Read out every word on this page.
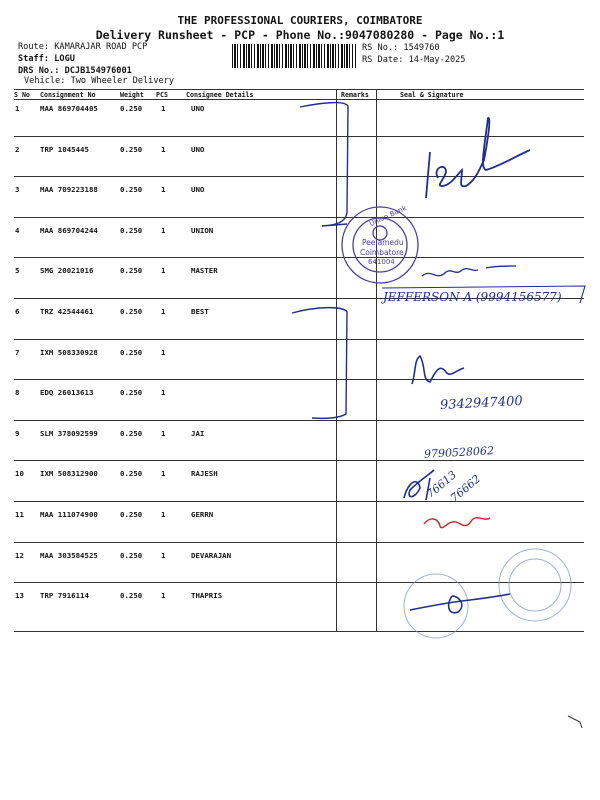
THE PROFESSIONAL COURIERS, COIMBATORE
Delivery Runsheet - PCP - Phone No.:9047080280 - Page No.:1
Route: KAMARAJAR ROAD PCP
Staff: LOGU
DRS No.: DCJB154976001
Vehicle: Two Wheeler Delivery
RS No.: 1549760
RS Date: 14-May-2025
S No Consignment No	Weight PCS	Consignee Details	Remarks	Seal & Signature
1	MAA 869704405	0.250	1	UNO
2	TRP 1045445	0.250	1	UNO
3	MAA 709223188	0.250	1	UNO
4	MAA 869704244	0.250	1	UNION
5	SMG 20021016	0.250	1	MASTER
6	TRZ 42544461	0.250	1	BEST
7	IXM 508330928	0.250	1
8	EDQ 26013613	0.250	1
9	SLM 378092599	0.250	1	JAI
10 IXM 508312900	0.250	1	RAJESH
11 MAA 111074900	0.250	1	GERRN
12 MAA 303584525	0.250	1	DEVARAJAN
13 TRP 7916114	0.250	1	THAPRIS
Peelamedu
Coimbatore
641004
Union Bank
JEFFERSON A (9994156577)
9342947400
9790528062
76613
76662
